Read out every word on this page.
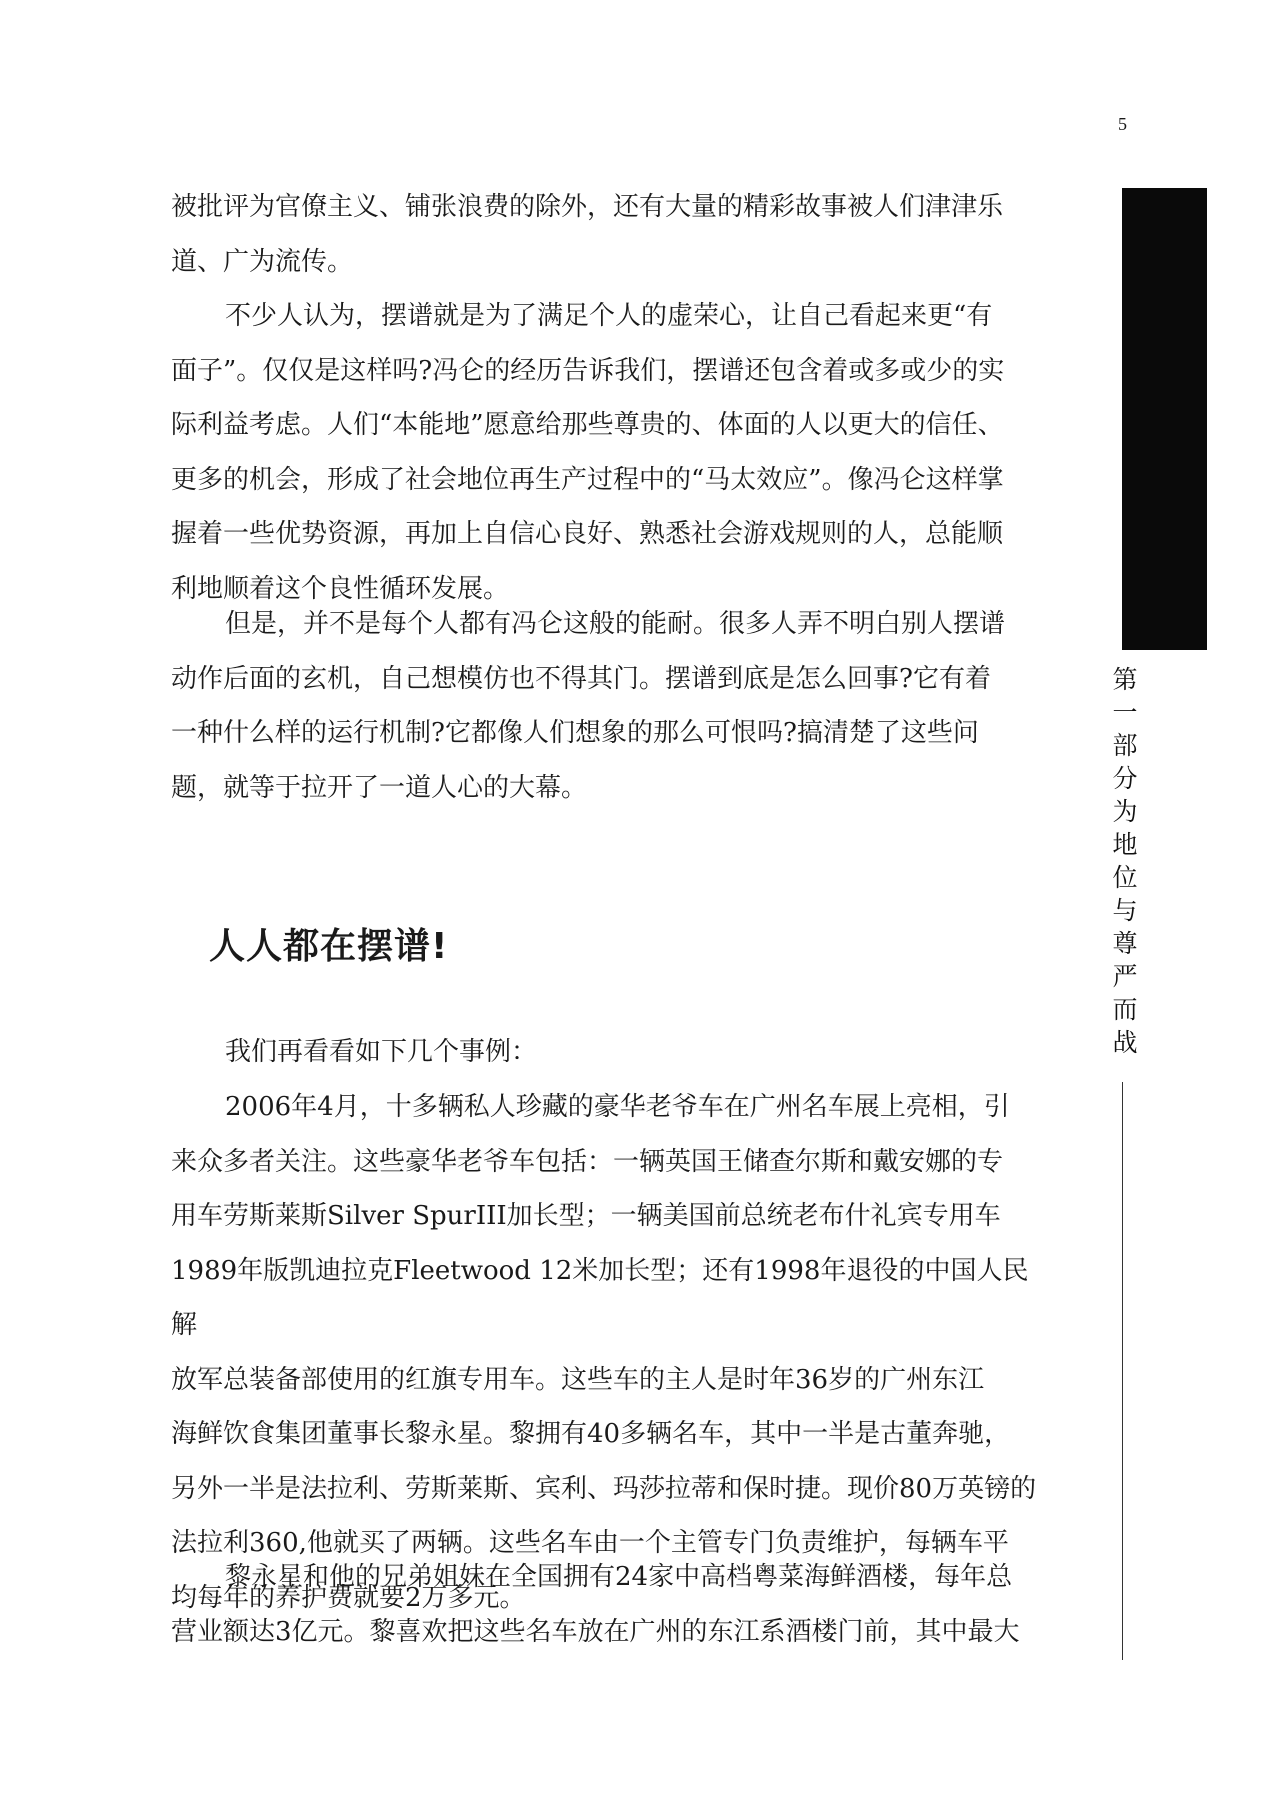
5
第
一
部
分
为
地
位
与
尊
严
而
战

被批评为官僚主义、铺张浪费的除外，还有大量的精彩故事被人们津津乐
道、广为流传。

不少人认为，摆谱就是为了满足个人的虚荣心，让自己看起来更“有
面子”。仅仅是这样吗?冯仑的经历告诉我们，摆谱还包含着或多或少的实
际利益考虑。人们“本能地”愿意给那些尊贵的、体面的人以更大的信任、
更多的机会，形成了社会地位再生产过程中的“马太效应”。像冯仑这样掌
握着一些优势资源，再加上自信心良好、熟悉社会游戏规则的人，总能顺
利地顺着这个良性循环发展。

但是，并不是每个人都有冯仑这般的能耐。很多人弄不明白别人摆谱
动作后面的玄机，自己想模仿也不得其门。摆谱到底是怎么回事?它有着
一种什么样的运行机制?它都像人们想象的那么可恨吗?搞清楚了这些问
题，就等于拉开了一道人心的大幕。

人人都在摆谱!

我们再看看如下几个事例：

2006年4月，十多辆私人珍藏的豪华老爷车在广州名车展上亮相，引
来众多者关注。这些豪华老爷车包括：一辆英国王储查尔斯和戴安娜的专
用车劳斯莱斯Silver SpurIII加长型；一辆美国前总统老布什礼宾专用车
1989年版凯迪拉克Fleetwood 12米加长型；还有1998年退役的中国人民解
放军总装备部使用的红旗专用车。这些车的主人是时年36岁的广州东江
海鲜饮食集团董事长黎永星。黎拥有40多辆名车，其中一半是古董奔驰，
另外一半是法拉利、劳斯莱斯、宾利、玛莎拉蒂和保时捷。现价80万英镑的
法拉利360,他就买了两辆。这些名车由一个主管专门负责维护，每辆车平
均每年的养护费就要2万多元。

黎永星和他的兄弟姐妹在全国拥有24家中高档粤菜海鲜酒楼，每年总
营业额达3亿元。黎喜欢把这些名车放在广州的东江系酒楼门前，其中最大
